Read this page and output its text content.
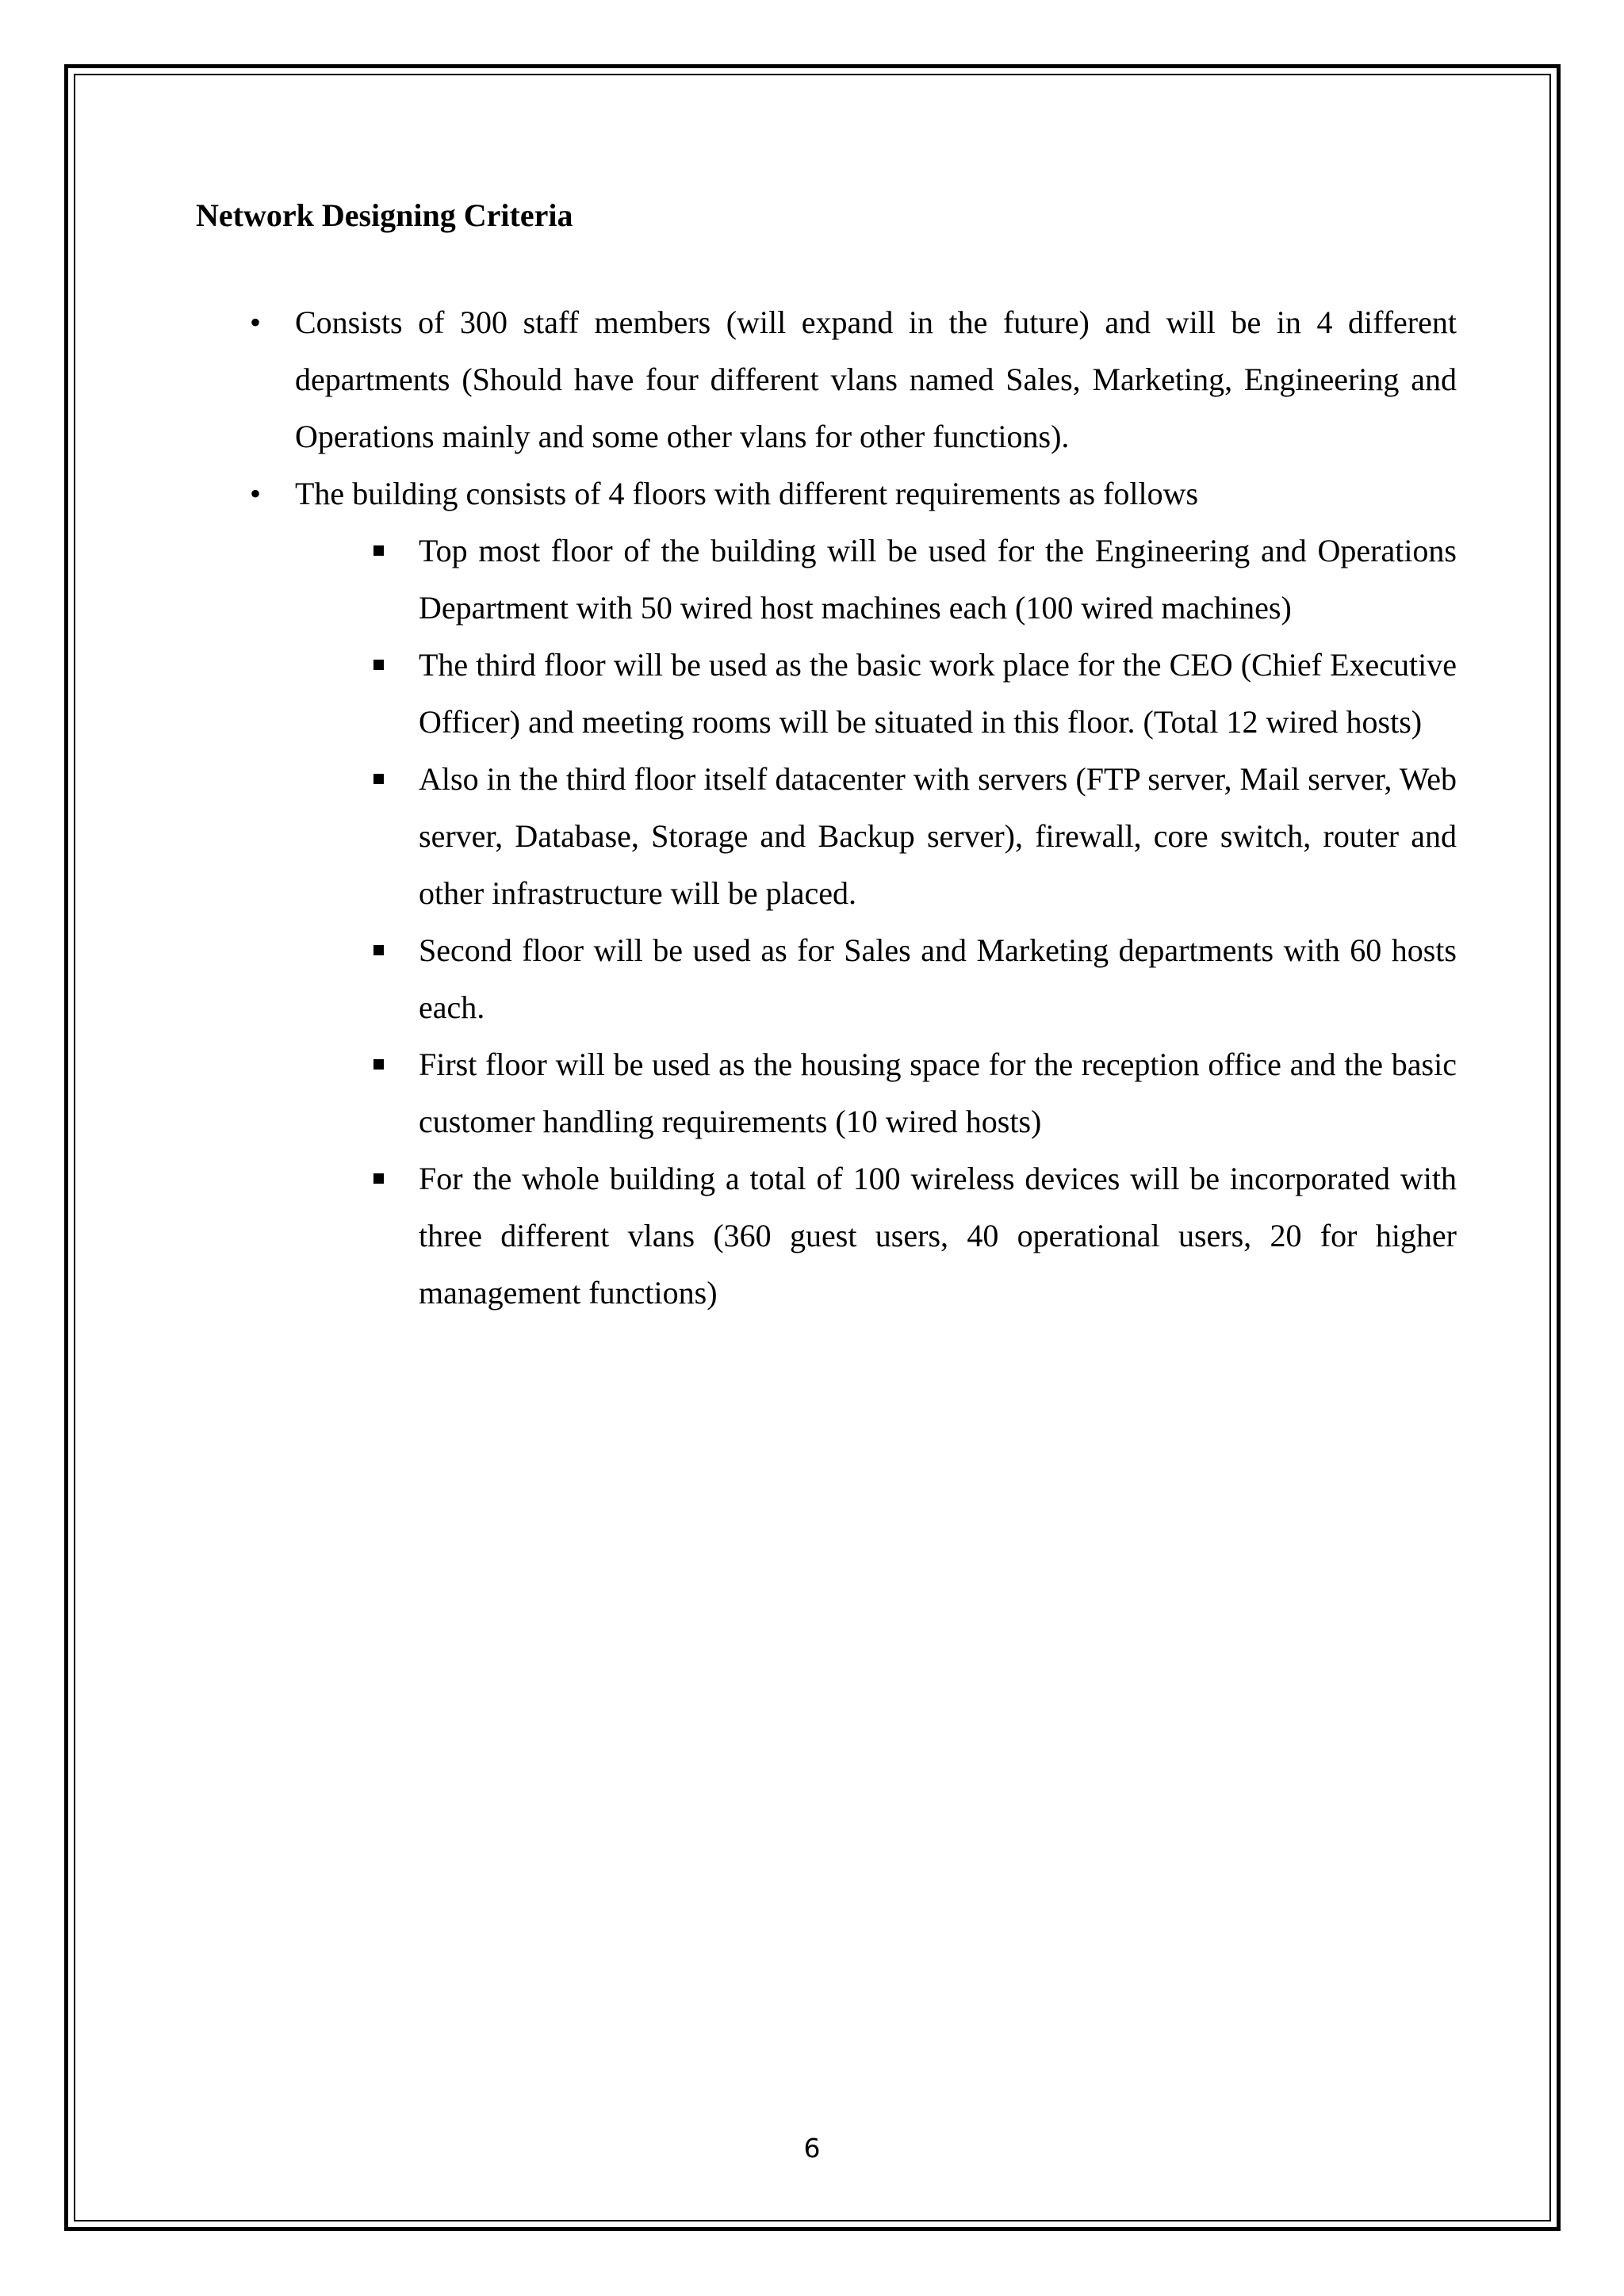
Network Designing Criteria
•	Consists of 300 staff members (will expand in the future) and will be in 4 different departments (Should have four different vlans named Sales, Marketing, Engineering and Operations mainly and some other vlans for other functions).
•	The building consists of 4 floors with different requirements as follows
Top most floor of the building will be used for the Engineering and Operations Department with 50 wired host machines each (100 wired machines)
The third floor will be used as the basic work place for the CEO (Chief Executive Officer) and meeting rooms will be situated in this floor. (Total 12 wired hosts)
Also in the third floor itself datacenter with servers (FTP server, Mail server, Web server, Database, Storage and Backup server), firewall, core switch, router and other infrastructure will be placed.
Second floor will be used as for Sales and Marketing departments with 60 hosts each.
First floor will be used as the housing space for the reception office and the basic customer handling requirements (10 wired hosts)
For the whole building a total of 100 wireless devices will be incorporated with three different vlans (360 guest users, 40 operational users, 20 for higher management functions)
6
